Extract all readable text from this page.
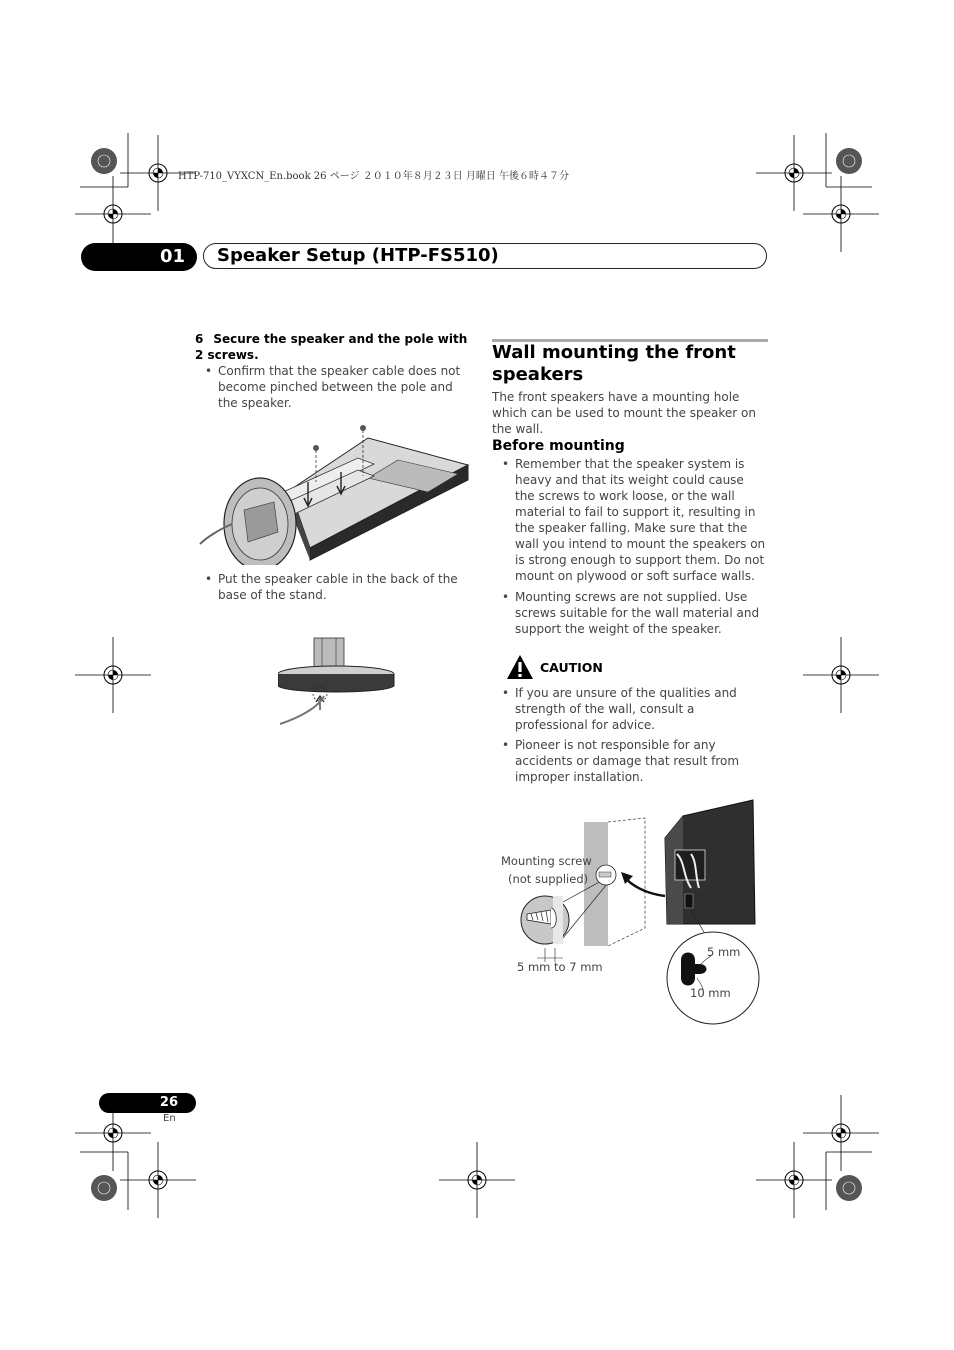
HTP-710_VYXCN_En.book 26 ページ ２０１０年８月２３日 月曜日 午後６時４７分
01	Speaker Setup (HTP-FS510)
6 Secure the speaker and the pole with 2 screws.
• Confirm that the speaker cable does not become pinched between the pole and the speaker.
• Put the speaker cable in the back of the base of the stand.
Wall mounting the front speakers
The front speakers have a mounting hole which can be used to mount the speaker on the wall.
Before mounting
• Remember that the speaker system is heavy and that its weight could cause the screws to work loose, or the wall material to fail to support it, resulting in the speaker falling. Make sure that the wall you intend to mount the speakers on is strong enough to support them. Do not mount on plywood or soft surface walls.
• Mounting screws are not supplied. Use screws suitable for the wall material and support the weight of the speaker.
CAUTION
• If you are unsure of the qualities and strength of the wall, consult a professional for advice.
• Pioneer is not responsible for any accidents or damage that result from improper installation.
Mounting screw
(not supplied)
5 mm to 7 mm
5 mm
10 mm
26
En
